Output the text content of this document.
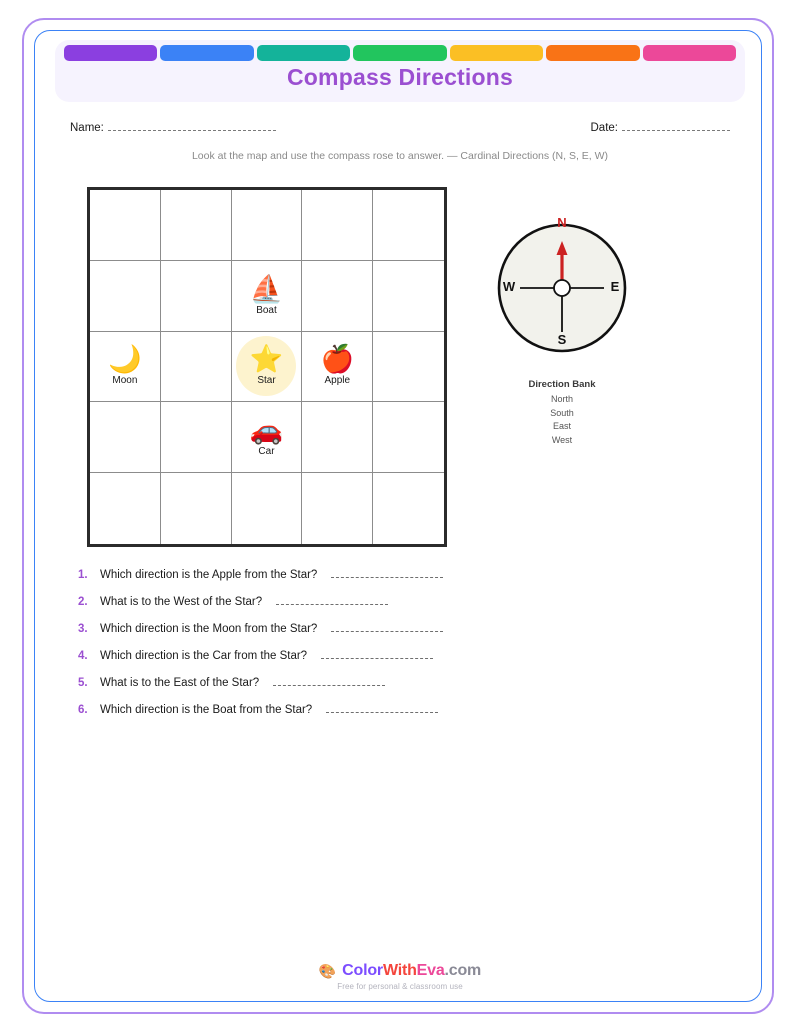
Compass Directions
Name:	Date:
Look at the map and use the compass rose to answer. — Cardinal Directions (N, S, E, W)
⛵
Boat
🌙
Moon
⭐
Star
🍎
Apple
🚗
Car
N
S
E
W
Direction Bank
North
South
East
West
1.	Which direction is the Apple from the Star?
2.	What is to the West of the Star?
3.	Which direction is the Moon from the Star?
4.	Which direction is the Car from the Star?
5.	What is to the East of the Star?
6.	Which direction is the Boat from the Star?
🎨 ColorWithEva.com
Free for personal & classroom use
